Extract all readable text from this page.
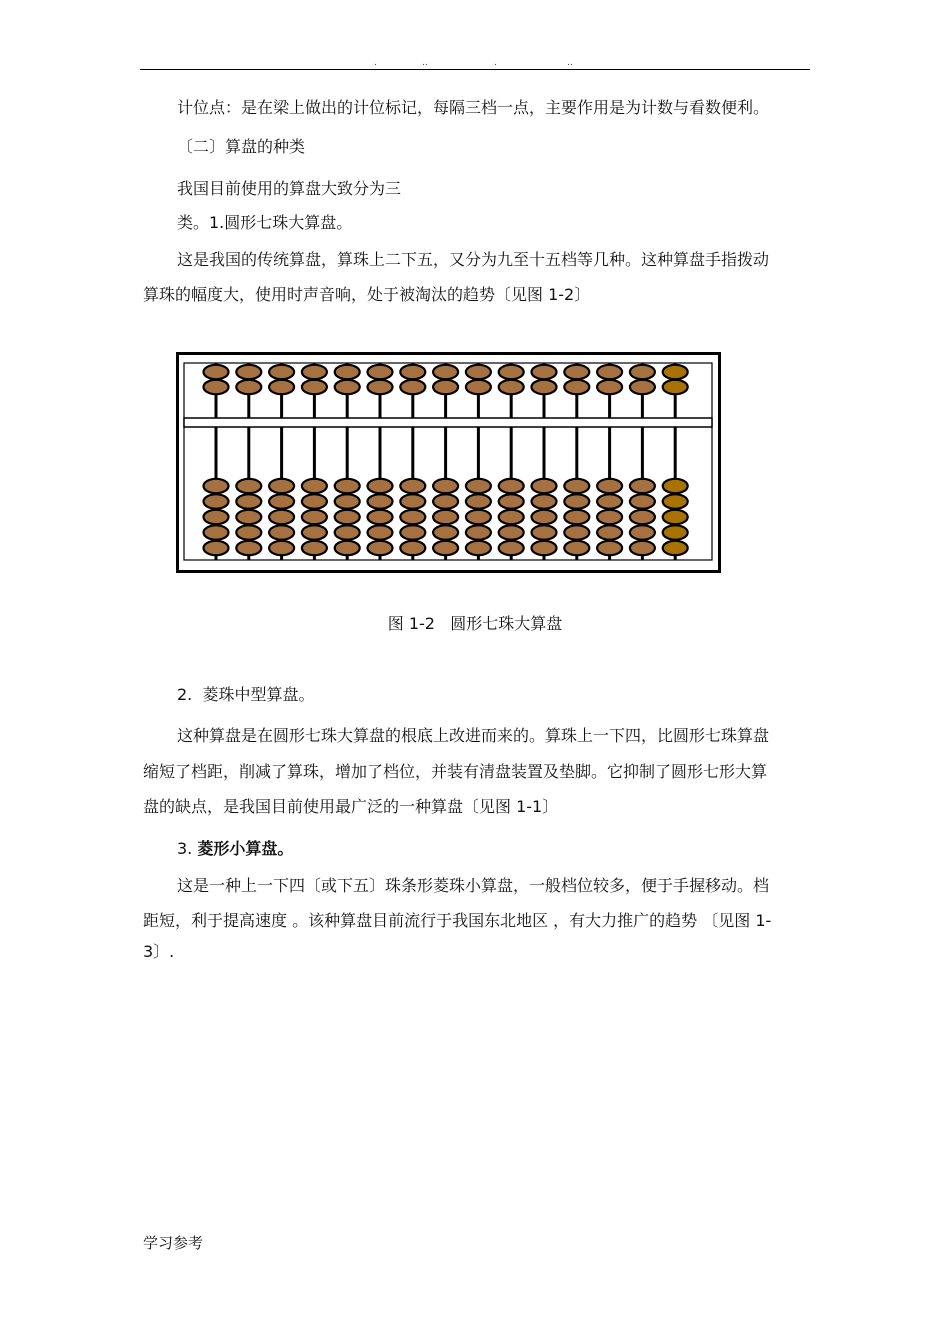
.	..	.	..
计位点：是在梁上做出的计位标记，每隔三档一点，主要作用是为计数与看数便利。
〔二〕算盘的种类
我国目前使用的算盘大致分为三
类。1.圆形七珠大算盘。
这是我国的传统算盘，算珠上二下五，又分为九至十五档等几种。这种算盘手指拨动
算珠的幅度大，使用时声音响，处于被淘汰的趋势〔见图 1-2〕
图 1-2 圆形七珠大算盘
2. 菱珠中型算盘。
这种算盘是在圆形七珠大算盘的根底上改进而来的。算珠上一下四，比圆形七珠算盘
缩短了档距，削减了算珠，增加了档位，并装有清盘装置及垫脚。它抑制了圆形七形大算
盘的缺点，是我国目前使用最广泛的一种算盘〔见图 1-1〕
3. 菱形小算盘。
这是一种上一下四〔或下五〕珠条形菱珠小算盘，一般档位较多，便于手握移动。档
距短，利于提高速度 。该种算盘目前流行于我国东北地区 ，有大力推广的趋势 〔见图 1-
3〕.
学习参考
